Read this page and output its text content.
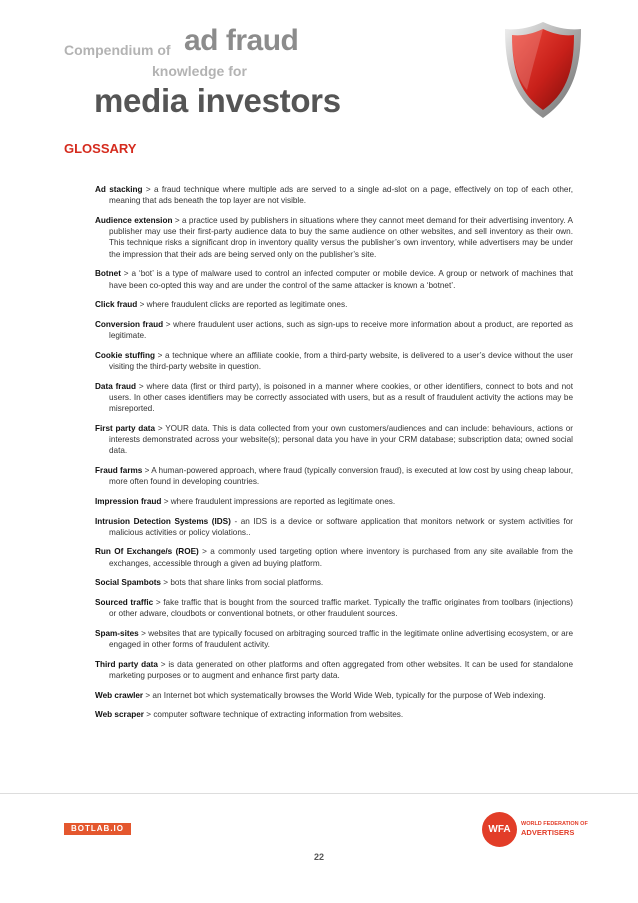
Compendium of ad fraud
knowledge for
media investors
GLOSSARY

Ad stacking > a fraud technique where multiple ads are served to a single ad-slot on a page, effectively on top of each other, meaning that ads beneath the top layer are not visible.

Audience extension > a practice used by publishers in situations where they cannot meet demand for their advertising inventory. A publisher may use their first-party audience data to buy the same audience on other websites, and sell inventory as their own. This technique risks a significant drop in inventory quality versus the publisher’s own inventory, while advertisers may be under the impression that their ads are being served only on the publisher’s site.

Botnet > a ‘bot’ is a type of malware used to control an infected computer or mobile device. A group or network of machines that have been co-opted this way and are under the control of the same attacker is known a ‘botnet’.

Click fraud > where fraudulent clicks are reported as legitimate ones.

Conversion fraud > where fraudulent user actions, such as sign-ups to receive more information about a product, are reported as legitimate.

Cookie stuffing > a technique where an affiliate cookie, from a third-party website, is delivered to a user’s device without the user visiting the third-party website in question.

Data fraud > where data (first or third party), is poisoned in a manner where cookies, or other identifiers, connect to bots and not users. In other cases identifiers may be correctly associated with users, but as a result of fraudulent activity the actions may be misreported.

First party data > YOUR data. This is data collected from your own customers/audiences and can include: behaviours, actions or interests demonstrated across your website(s); personal data you have in your CRM database; subscription data; owned social data.

Fraud farms > A human-powered approach, where fraud (typically conversion fraud), is executed at low cost by using cheap labour, more often found in developing countries.

Impression fraud > where fraudulent impressions are reported as legitimate ones.

Intrusion Detection Systems (IDS) - an IDS is a device or software application that monitors network or system activities for malicious activities or policy violations..

Run Of Exchange/s (ROE) > a commonly used targeting option where inventory is purchased from any site available from the exchanges, accessible through a given ad buying platform.

Social Spambots > bots that share links from social platforms.

Sourced traffic > fake traffic that is bought from the sourced traffic market. Typically the traffic originates from toolbars (injections) or other adware, cloudbots or conventional botnets, or other fraudulent sources.

Spam-sites > websites that are typically focused on arbitraging sourced traffic in the legitimate online advertising ecosystem, or are engaged in other forms of fraudulent activity.

Third party data > is data generated on other platforms and often aggregated from other websites. It can be used for standalone marketing purposes or to augment and enhance first party data.

Web crawler > an Internet bot which systematically browses the World Wide Web, typically for the purpose of Web indexing.

Web scraper > computer software technique of extracting information from websites.

BOTLAB.IO	WFA	WORLD FEDERATION OF
ADVERTISERS
22
